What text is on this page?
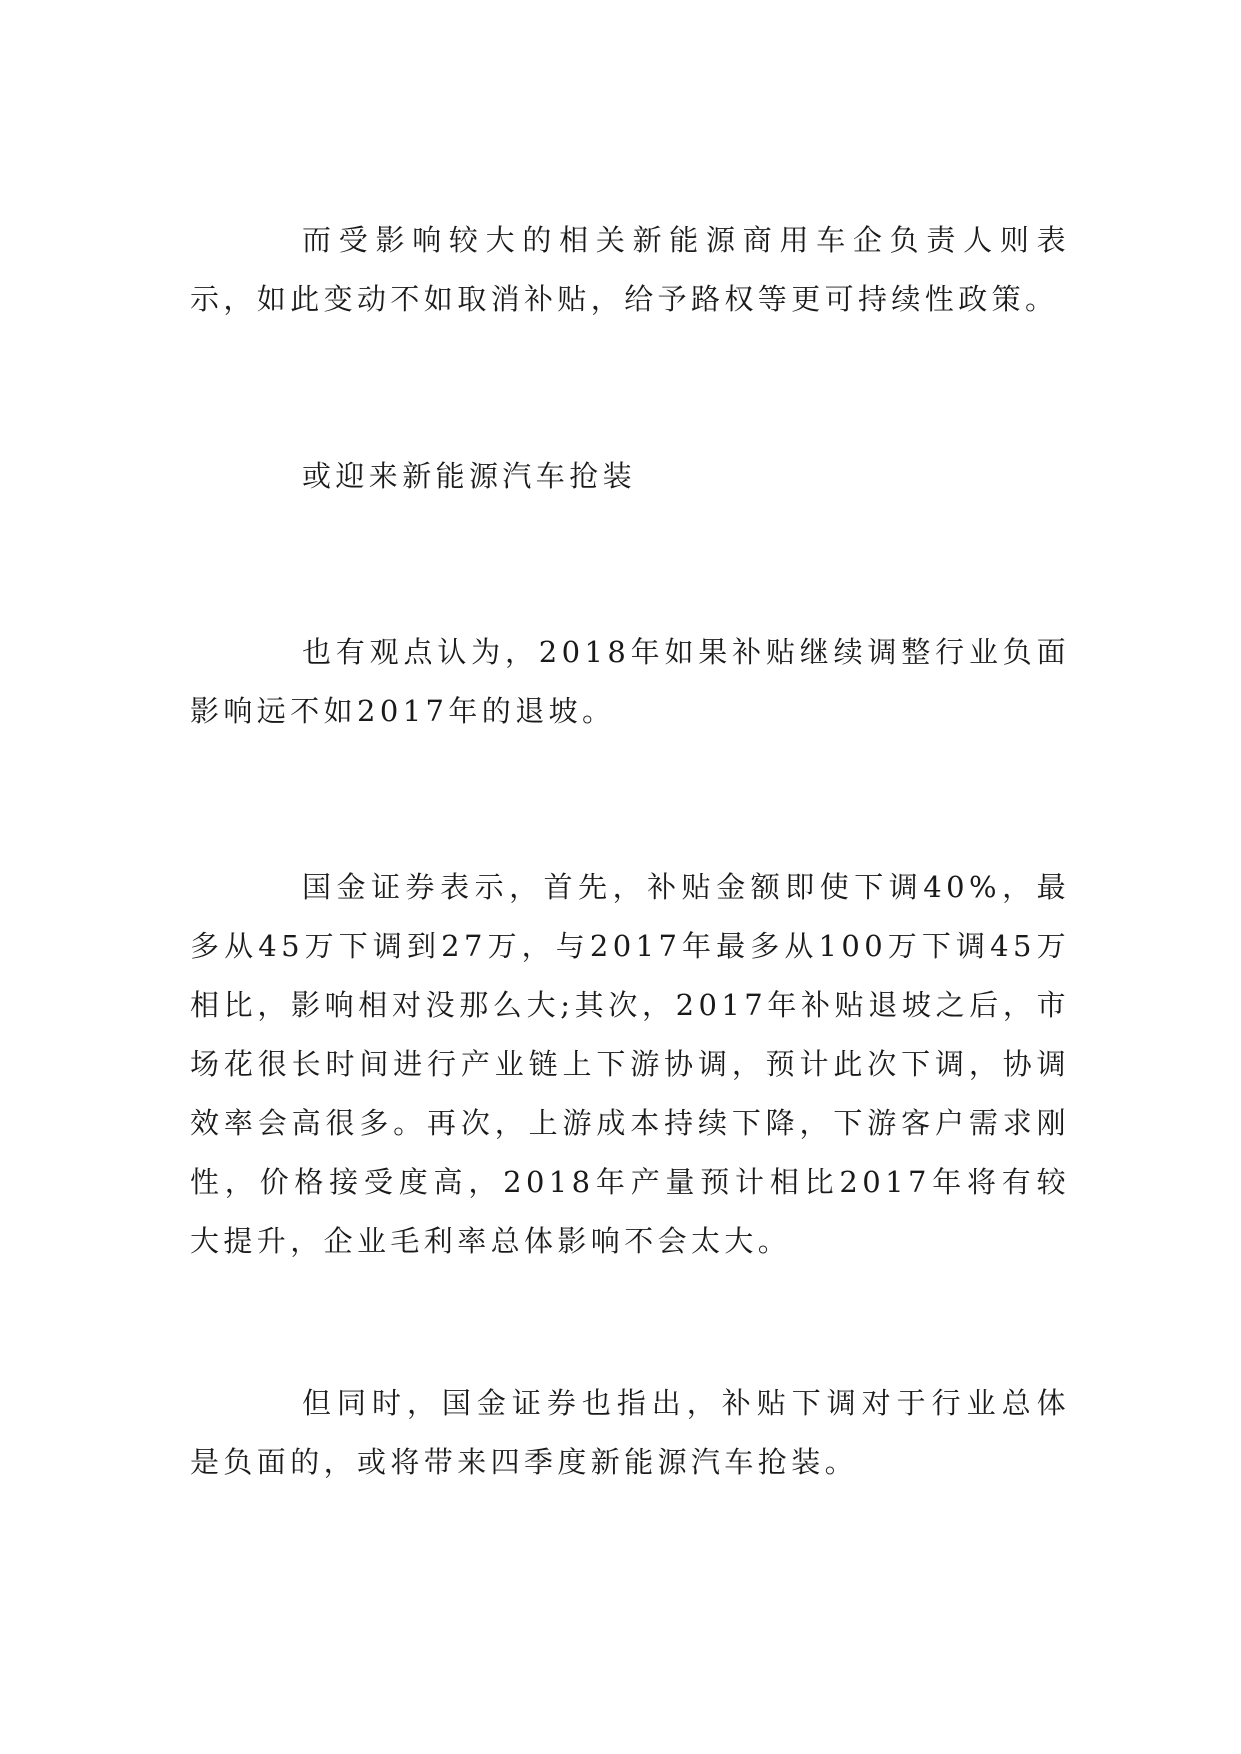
而受影响较大的相关新能源商用车企负责人则表示，如此变动不如取消补贴，给予路权等更可持续性政策。

或迎来新能源汽车抢装

也有观点认为，2018年如果补贴继续调整行业负面影响远不如2017年的退坡。

国金证券表示，首先，补贴金额即使下调40%，最多从45万下调到27万，与2017年最多从100万下调45万相比，影响相对没那么大;其次，2017年补贴退坡之后，市场花很长时间进行产业链上下游协调，预计此次下调，协调效率会高很多。再次，上游成本持续下降，下游客户需求刚性，价格接受度高，2018年产量预计相比2017年将有较大提升，企业毛利率总体影响不会太大。

但同时，国金证券也指出，补贴下调对于行业总体是负面的，或将带来四季度新能源汽车抢装。
